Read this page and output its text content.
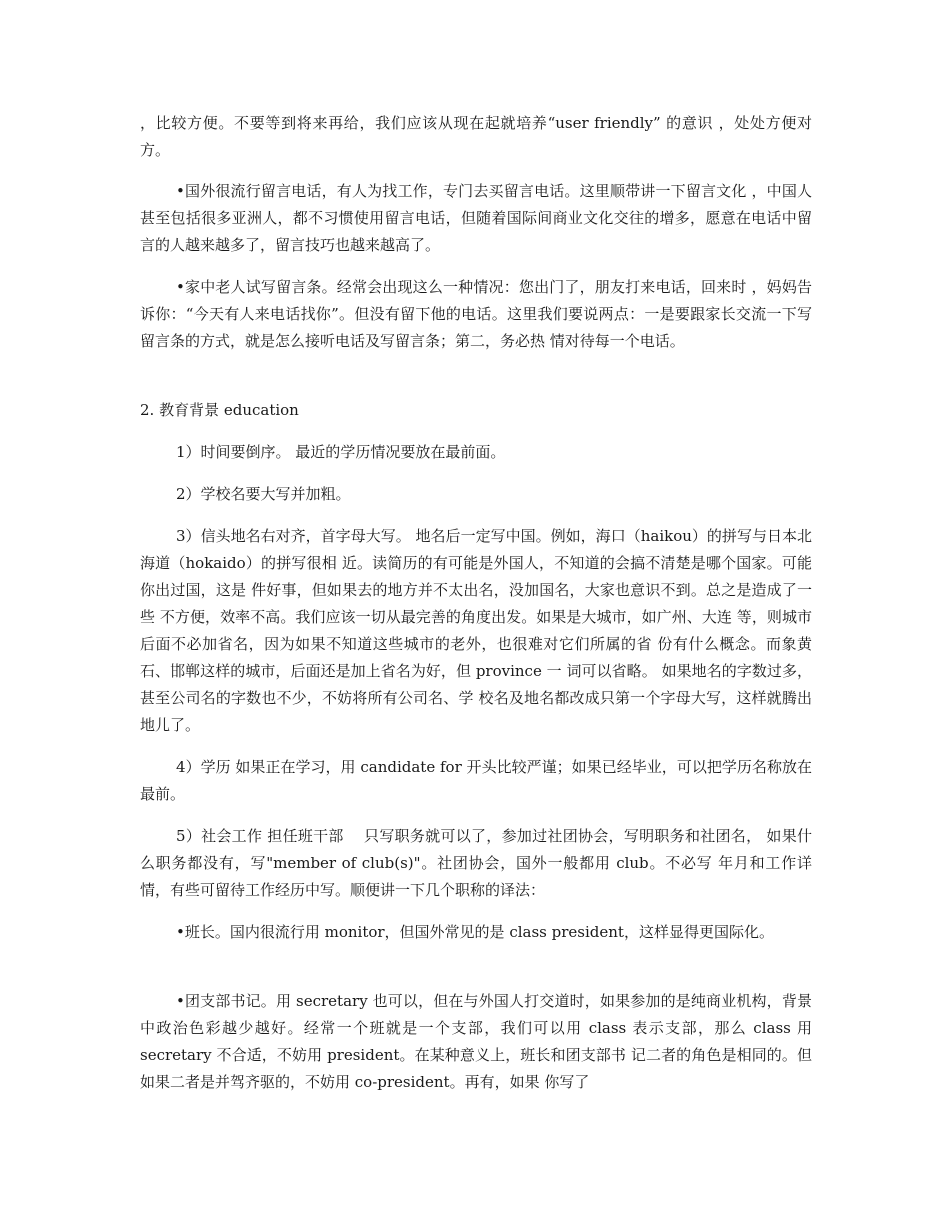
，比较方便。不要等到将来再给，我们应该从现在起就培养“user friendly” 的意识 ，处处方便对方。

•国外很流行留言电话，有人为找工作，专门去买留言电话。这里顺带讲一下留言文化 ，中国人甚至包括很多亚洲人，都不习惯使用留言电话，但随着国际间商业文化交往的增多，愿意在电话中留言的人越来越多了，留言技巧也越来越高了。

•家中老人试写留言条。经常会出现这么一种情况：您出门了，朋友打来电话，回来时 ，妈妈告诉你：“今天有人来电话找你”。但没有留下他的电话。这里我们要说两点：一是要跟家长交流一下写留言条的方式，就是怎么接听电话及写留言条；第二，务必热 情对待每一个电话。

2. 教育背景 education

1）时间要倒序。 最近的学历情况要放在最前面。

2）学校名要大写并加粗。

3）信头地名右对齐，首字母大写。 地名后一定写中国。例如，海口（haikou）的拼写与日本北海道（hokaido）的拼写很相 近。读简历的有可能是外国人，不知道的会搞不清楚是哪个国家。可能你出过国，这是 件好事，但如果去的地方并不太出名，没加国名，大家也意识不到。总之是造成了一些 不方便，效率不高。我们应该一切从最完善的角度出发。如果是大城市，如广州、大连 等，则城市后面不必加省名，因为如果不知道这些城市的老外，也很难对它们所属的省 份有什么概念。而象黄石、邯郸这样的城市，后面还是加上省名为好，但 province 一 词可以省略。 如果地名的字数过多，甚至公司名的字数也不少，不妨将所有公司名、学 校名及地名都改成只第一个字母大写，这样就腾出地儿了。

4）学历 如果正在学习，用 candidate for 开头比较严谨；如果已经毕业，可以把学历名称放在最前。

5）社会工作 担任班干部　 只写职务就可以了，参加过社团协会，写明职务和社团名， 如果什么职务都没有，写"member of club(s)"。社团协会，国外一般都用 club。不必写 年月和工作详情，有些可留待工作经历中写。顺便讲一下几个职称的译法：

•班长。国内很流行用 monitor，但国外常见的是 class president，这样显得更国际化。

•团支部书记。用 secretary 也可以，但在与外国人打交道时，如果参加的是纯商业机构，背景中政治色彩越少越好。经常一个班就是一个支部，我们可以用 class 表示支部，那么 class 用 secretary 不合适，不妨用 president。在某种意义上，班长和团支部书 记二者的角色是相同的。但如果二者是并驾齐驱的，不妨用 co-president。再有，如果 你写了
